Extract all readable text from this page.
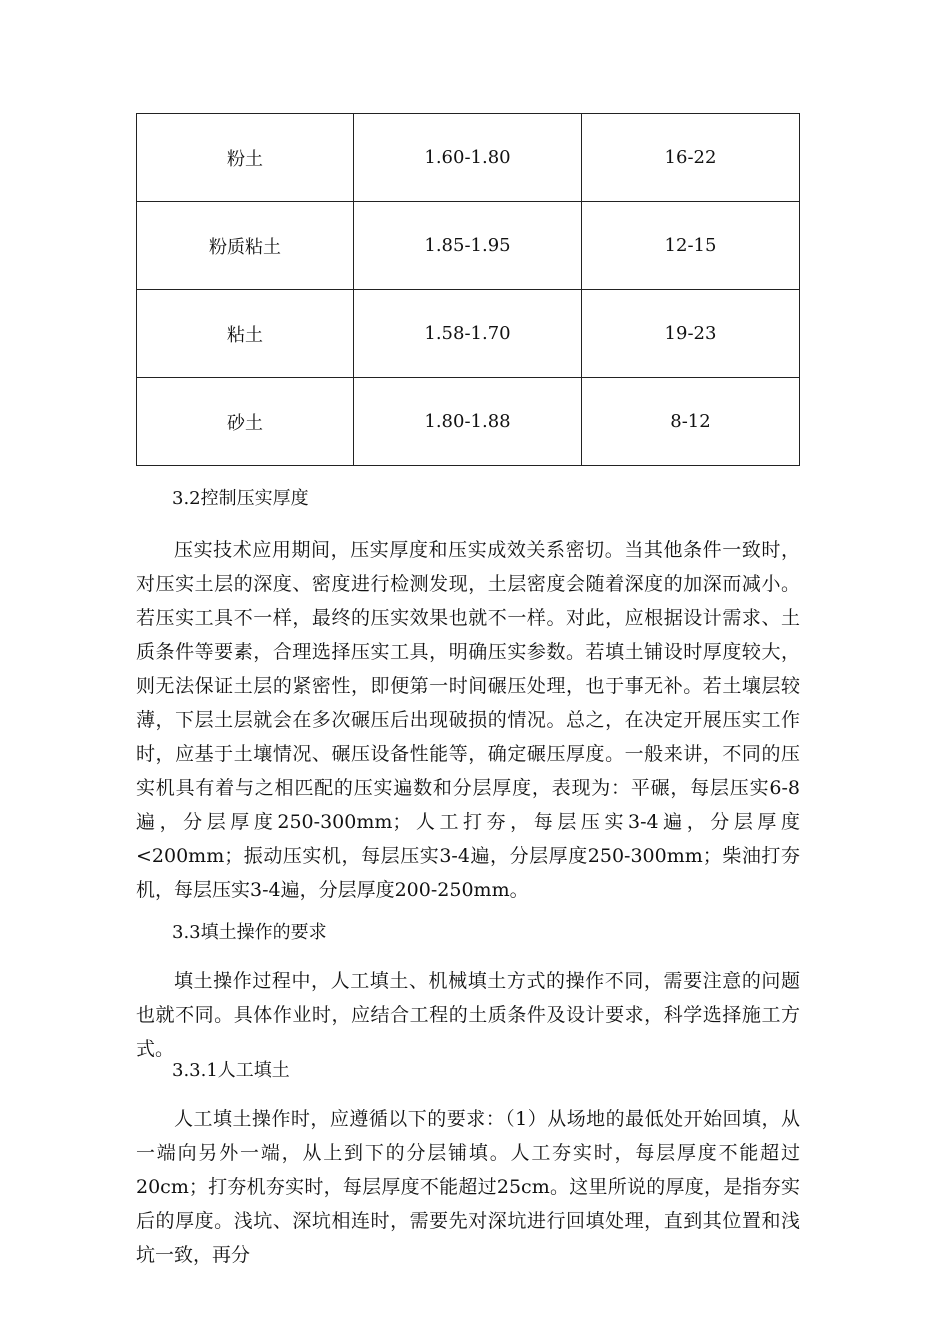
粉土	1.60-1.80	16-22
粉质粘土	1.85-1.95	12-15
粘土	1.58-1.70	19-23
砂土	1.80-1.88	8-12
3.2控制压实厚度

压实技术应用期间，压实厚度和压实成效关系密切。当其他条件一致时，对压实土层的深度、密度进行检测发现，土层密度会随着深度的加深而减小。若压实工具不一样，最终的压实效果也就不一样。对此，应根据设计需求、土质条件等要素，合理选择压实工具，明确压实参数。若填土铺设时厚度较大，则无法保证土层的紧密性，即便第一时间碾压处理，也于事无补。若土壤层较薄，下层土层就会在多次碾压后出现破损的情况。总之，在决定开展压实工作时，应基于土壤情况、碾压设备性能等，确定碾压厚度。一般来讲，不同的压实机具有着与之相匹配的压实遍数和分层厚度，表现为：平碾，每层压实6-8遍，分层厚度250-300mm；人工打夯，每层压实3-4遍，分层厚度<200mm；振动压实机，每层压实3-4遍，分层厚度250-300mm；柴油打夯机，每层压实3-4遍，分层厚度200-250mm。

3.3填土操作的要求

填土操作过程中，人工填土、机械填土方式的操作不同，需要注意的问题也就不同。具体作业时，应结合工程的土质条件及设计要求，科学选择施工方式。

3.3.1人工填土

人工填土操作时，应遵循以下的要求：（1）从场地的最低处开始回填，从一端向另外一端，从上到下的分层铺填。人工夯实时，每层厚度不能超过20cm；打夯机夯实时，每层厚度不能超过25cm。这里所说的厚度，是指夯实后的厚度。浅坑、深坑相连时，需要先对深坑进行回填处理，直到其位置和浅坑一致，再分
